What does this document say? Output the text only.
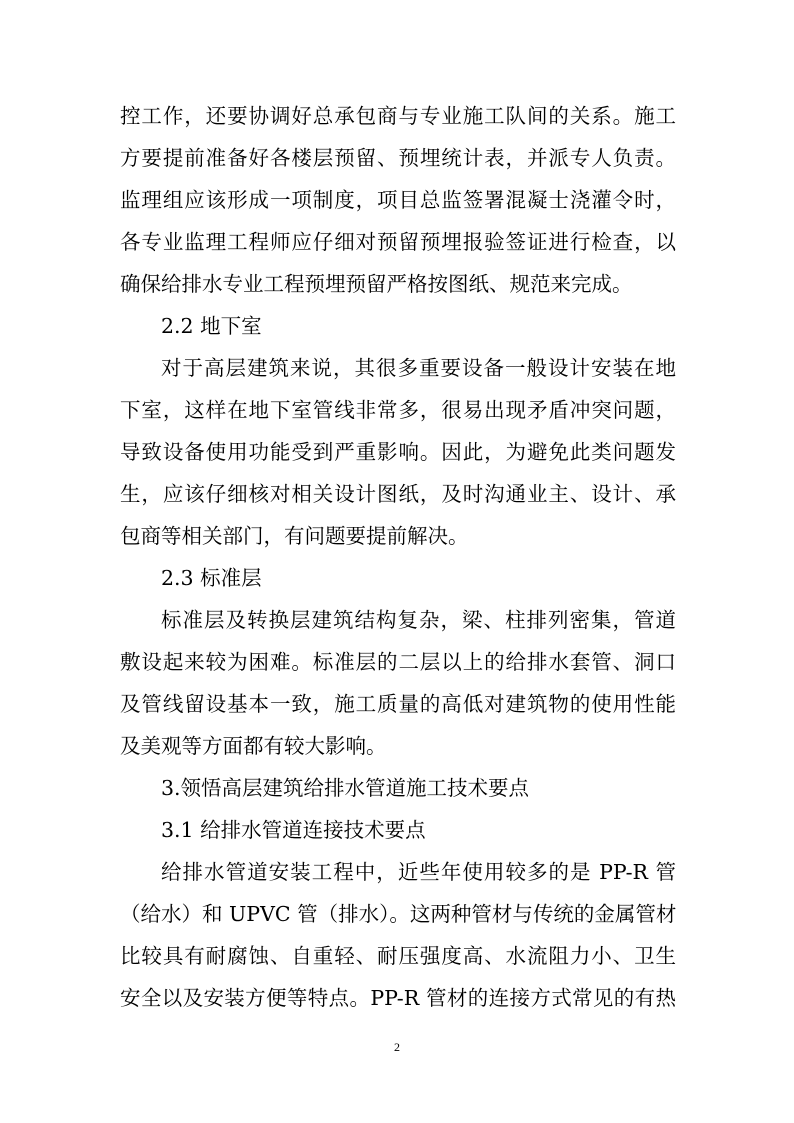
控工作，还要协调好总承包商与专业施工队间的关系。施工
方要提前准备好各楼层预留、预埋统计表，并派专人负责。
监理组应该形成一项制度，项目总监签署混凝士浇灌令时，
各专业监理工程师应仔细对预留预埋报验签证进行检查，以
确保给排水专业工程预埋预留严格按图纸、规范来完成。
2.2 地下室
对于高层建筑来说，其很多重要设备一般设计安装在地
下室，这样在地下室管线非常多，很易出现矛盾冲突问题，
导致设备使用功能受到严重影响。因此，为避免此类问题发
生，应该仔细核对相关设计图纸，及时沟通业主、设计、承
包商等相关部门，有问题要提前解决。
2.3 标准层
标准层及转换层建筑结构复杂，梁、柱排列密集，管道
敷设起来较为困难。标准层的二层以上的给排水套管、洞口
及管线留设基本一致，施工质量的高低对建筑物的使用性能
及美观等方面都有较大影响。
3.领悟高层建筑给排水管道施工技术要点
3.1 给排水管道连接技术要点
给排水管道安装工程中，近些年使用较多的是 PP-R 管
（给水）和 UPVC 管（排水）。这两种管材与传统的金属管材
比较具有耐腐蚀、自重轻、耐压强度高、水流阻力小、卫生
安全以及安装方便等特点。PP-R 管材的连接方式常见的有热
2
